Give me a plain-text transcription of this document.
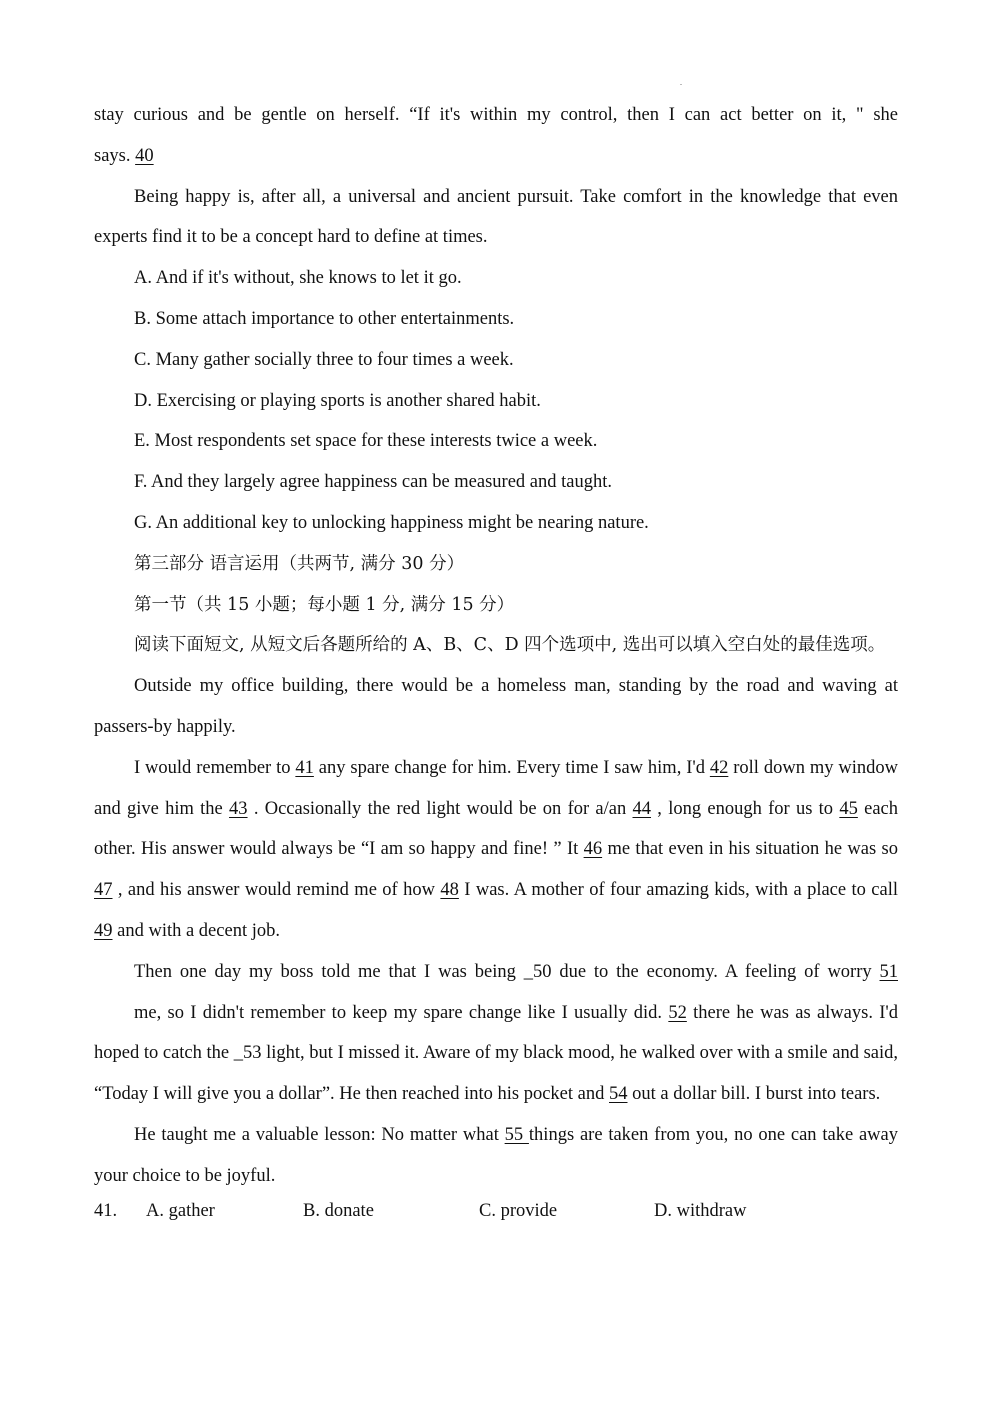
stay curious and be gentle on herself. “If it's within my control, then I can act better on it, " she

says. 40

Being happy is, after all, a universal and ancient pursuit. Take comfort in the knowledge that even experts find it to be a concept hard to define at times.

A. And if it's without, she knows to let it go.

B. Some attach importance to other entertainments.

C. Many gather socially three to four times a week.

D. Exercising or playing sports is another shared habit.

E. Most respondents set space for these interests twice a week.

F. And they largely agree happiness can be measured and taught.

G. An additional key to unlocking happiness might be nearing nature.

第三部分 语言运用（共两节, 满分 30 分）

第一节（共 15 小题；每小题 1 分, 满分 15 分）

阅读下面短文, 从短文后各题所给的 A、B、C、D 四个选项中, 选出可以填入空白处的最佳选项。

Outside my office building, there would be a homeless man, standing by the road and waving at passers-by happily.

I would remember to 41 any spare change for him. Every time I saw him, I'd 42 roll down my window and give him the 43 . Occasionally the red light would be on for a/an 44 , long enough for us to 45 each other. His answer would always be “I am so happy and fine! ” It 46 me that even in his situation he was so 47 , and his answer would remind me of how 48 I was. A mother of four amazing kids, with a place to call 49 and with a decent job.

Then one day my boss told me that I was being _50 due to the economy. A feeling of worry 51

me, so I didn't remember to keep my spare change like I usually did. 52 there he was as always. I'd hoped to catch the _53 light, but I missed it. Aware of my black mood, he walked over with a smile and said, “Today I will give you a dollar”. He then reached into his pocket and 54 out a dollar bill. I burst into tears.

He taught me a valuable lesson: No matter what 55 things are taken from you, no one can take away your choice to be joyful.

41. A. gather	B. donate	C. provide	D. withdraw
